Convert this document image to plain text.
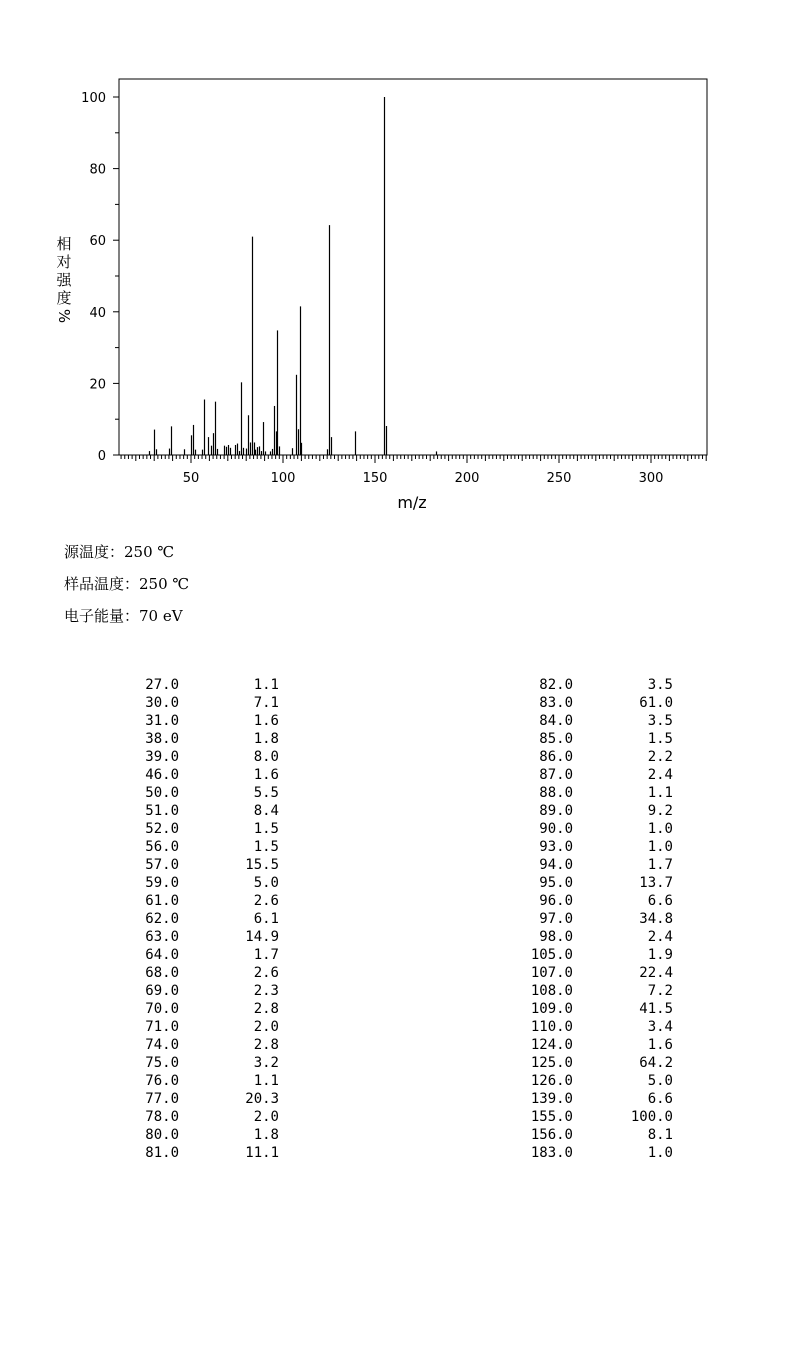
50	100	150	200	250	300
0
20
40
60
80
100
m/z
相
对
强
度
%
源温度：250 ℃
样品温度：250 ℃
电子能量：70 eV
27.0	1.1
30.0	7.1
31.0	1.6
38.0	1.8
39.0	8.0
46.0	1.6
50.0	5.5
51.0	8.4
52.0	1.5
56.0	1.5
57.0	15.5
59.0	5.0
61.0	2.6
62.0	6.1
63.0	14.9
64.0	1.7
68.0	2.6
69.0	2.3
70.0	2.8
71.0	2.0
74.0	2.8
75.0	3.2
76.0	1.1
77.0	20.3
78.0	2.0
80.0	1.8
81.0	11.1
82.0	3.5
83.0	61.0
84.0	3.5
85.0	1.5
86.0	2.2
87.0	2.4
88.0	1.1
89.0	9.2
90.0	1.0
93.0	1.0
94.0	1.7
95.0	13.7
96.0	6.6
97.0	34.8
98.0	2.4
105.0	1.9
107.0	22.4
108.0	7.2
109.0	41.5
110.0	3.4
124.0	1.6
125.0	64.2
126.0	5.0
139.0	6.6
155.0	100.0
156.0	8.1
183.0	1.0
